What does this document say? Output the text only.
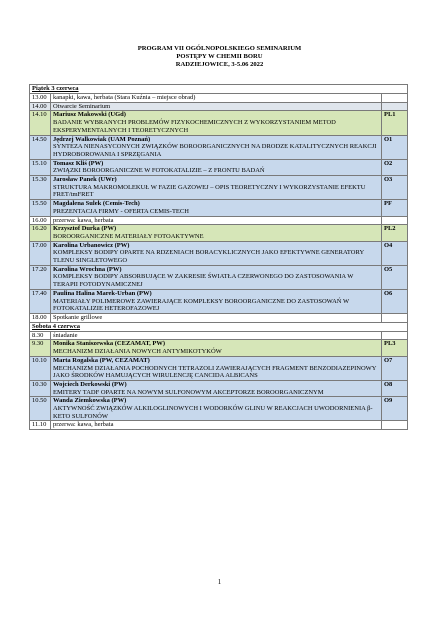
PROGRAM VII OGÓLNOPOLSKIEGO SEMINARIUM
POSTĘPY W CHEMII BORU
RADZIEJOWICE, 3-5.06 2022
Piątek 3 czerwca		
13.00	kanapki, kawa, herbata (Stara Kuźnia – miejsce obrad)	
14.00	Otwarcie Seminarium	
14.10	Mariusz Makowski (UGd)
BADANIE WYBRANYCH PROBLEMÓW FIZYKOCHEMICZNYCH Z WYKORZYSTANIEM METOD EKSPERYMENTALNYCH I TEORETYCZNYCH	PL1
14.50	Jędrzej Walkowiak (UAM Poznań)
SYNTEZA NIENASYCONYCH ZWIĄZKÓW BOROORGANICZNYCH NA DRODZE KATALITYCZNYCH REAKCJI HYDROBOROWANIA I SPRZĘGANIA	O1
15.10	Tomasz Kliś (PW)
ZWIĄZKI BOROORGANICZNE W FOTOKATALIZIE – Z FRONTU BADAŃ	O2
15.30	Jarosław Panek (UWr)
STRUKTURA MAKROMOLEKUŁ W FAZIE GAZOWEJ – OPIS TEORETYCZNY I WYKORZYSTANIE EFEKTU FRET/tmFRET	O3
15.50	Magdalena Sulek (Cemis-Tech)
PREZENTACJA FIRMY - OFERTA CEMIS-TECH	PF
16.00	przerwa: kawa, herbata	
16.20	Krzysztof Durka (PW)
BOROORGANICZNE MATERIAŁY FOTOAKTYWNE	PL2
17.00	Karolina Urbanowicz (PW)
KOMPLEKSY BODIPY OPARTE NA RDZENIACH BORACYKLICZNYCH JAKO EFEKTYWNE GENERATORY TLENU SINGLETOWEGO	O4
17.20	Karolina Wrochna (PW)
KOMPLEKSY BODIPY ABSORBUJĄCE W ZAKRESIE ŚWIATŁA CZERWONEGO DO ZASTOSOWANIA W TERAPII FOTODYNAMICZNEJ	O5
17.40	Paulina Halina Marek-Urban (PW)
MATERIAŁY POLIMEROWE ZAWIERAJĄCE KOMPLEKSY BOROORGANICZNE DO ZASTOSOWAŃ W FOTOKATALIZIE HETEROFAZOWEJ	O6
18.00	Spotkanie grillowe	
Sobota 4 czerwca		
8.30	śniadanie	
9.30	Monika Staniszewska (CEZAMAT, PW)
MECHANIZM DZIAŁANIA NOWYCH ANTYMIKOTYKÓW	PL3
10.10	Marta Rogalska (PW, CEZAMAT)
MECHANIZM DZIAŁANIA POCHODNYCH TETRAZOLI ZAWIERAJĄCYCH FRAGMENT BENZODIAZEPINOWY JAKO ŚRODKÓW HAMUJĄCYCH WIRULENCJĘ CANCIDA ALBICANS	O7
10.30	Wojciech Derkowski (PW)
EMITERY TADF OPARTE NA NOWYM SULFONOWYM AKCEPTORZE BOROORGANICZNYM	O8
10.50	Wanda Ziemkowska (PW)
AKTYWNOŚĆ ZWIĄZKÓW ALKILOGLINOWYCH I WODORKÓW GLINU W REAKCJACH UWODORNIENIA β-KETO SULFONÓW	O9
11.10	przerwa: kawa, herbata	
1
